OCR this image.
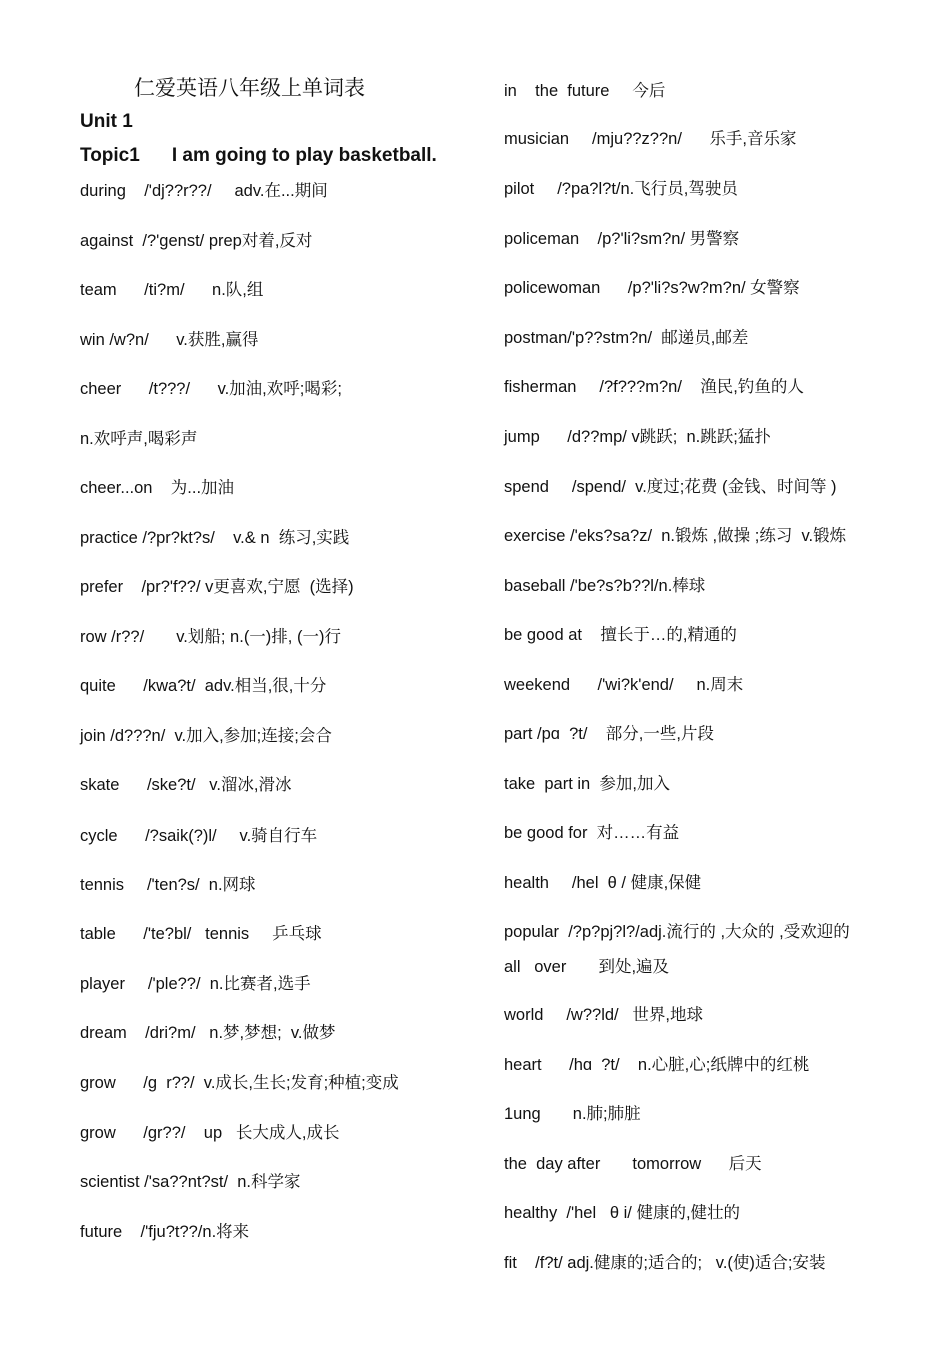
仁爱英语八年级上单词表
Unit 1
Topic1 I am going to play basketball.
during    /'dj??r??/     adv.在...期间
against  /?'genst/ prep对着,反对
team      /ti?m/      n.队,组
win /w?n/      v.获胜,赢得
cheer      /t???/      v.加油,欢呼;喝彩;
n.欢呼声,喝彩声
cheer...on    为...加油
practice /?pr?kt?s/    v.& n  练习,实践
prefer    /pr?'f??/ v更喜欢,宁愿  (选择)
row /r??/       v.划船; n.(一)排, (一)行
quite      /kwa?t/  adv.相当,很,十分
join /d???n/  v.加入,参加;连接;会合
skate      /ske?t/   v.溜冰,滑冰
cycle      /?saik(?)l/     v.骑自行车
tennis     /'ten?s/  n.网球
table      /'te?bl/   tennis     乒乓球
player     /'ple??/  n.比赛者,选手
dream    /dri?m/   n.梦,梦想;  v.做梦
grow      /g  r??/  v.成长,生长;发育;种植;变成
grow      /gr??/    up   长大成人,成长
scientist /'sa??nt?st/  n.科学家
future    /'fju?t??/n.将来
in    the  future     今后
musician     /mju??z??n/      乐手,音乐家
pilot     /?pa?l?t/n.飞行员,驾驶员
policeman    /p?'li?sm?n/ 男警察
policewoman      /p?'li?s?w?m?n/ 女警察
postman/'p??stm?n/  邮递员,邮差
fisherman     /?f???m?n/    渔民,钓鱼的人
jump      /d??mp/ v跳跃;  n.跳跃;猛扑
spend     /spend/  v.度过;花费 (金钱、时间等 )
exercise /'eks?sa?z/  n.锻炼 ,做操 ;练习  v.锻炼
baseball /'be?s?b??l/n.棒球
be good at    擅长于…的,精通的
weekend      /'wi?k'end/     n.周末
part /pɑ  ?t/    部分,一些,片段
take  part in  参加,加入
be good for  对……有益
health     /hel  θ / 健康,保健
popular  /?p?pj?l?/adj.流行的 ,大众的 ,受欢迎的
all   over       到处,遍及
world     /w??ld/   世界,地球
heart      /hɑ  ?t/    n.心脏,心;纸牌中的红桃
1ung       n.肺;肺脏
the  day after       tomorrow      后天
healthy  /'hel   θ i/ 健康的,健壮的
fit    /f?t/ adj.健康的;适合的;   v.(使)适合;安装
